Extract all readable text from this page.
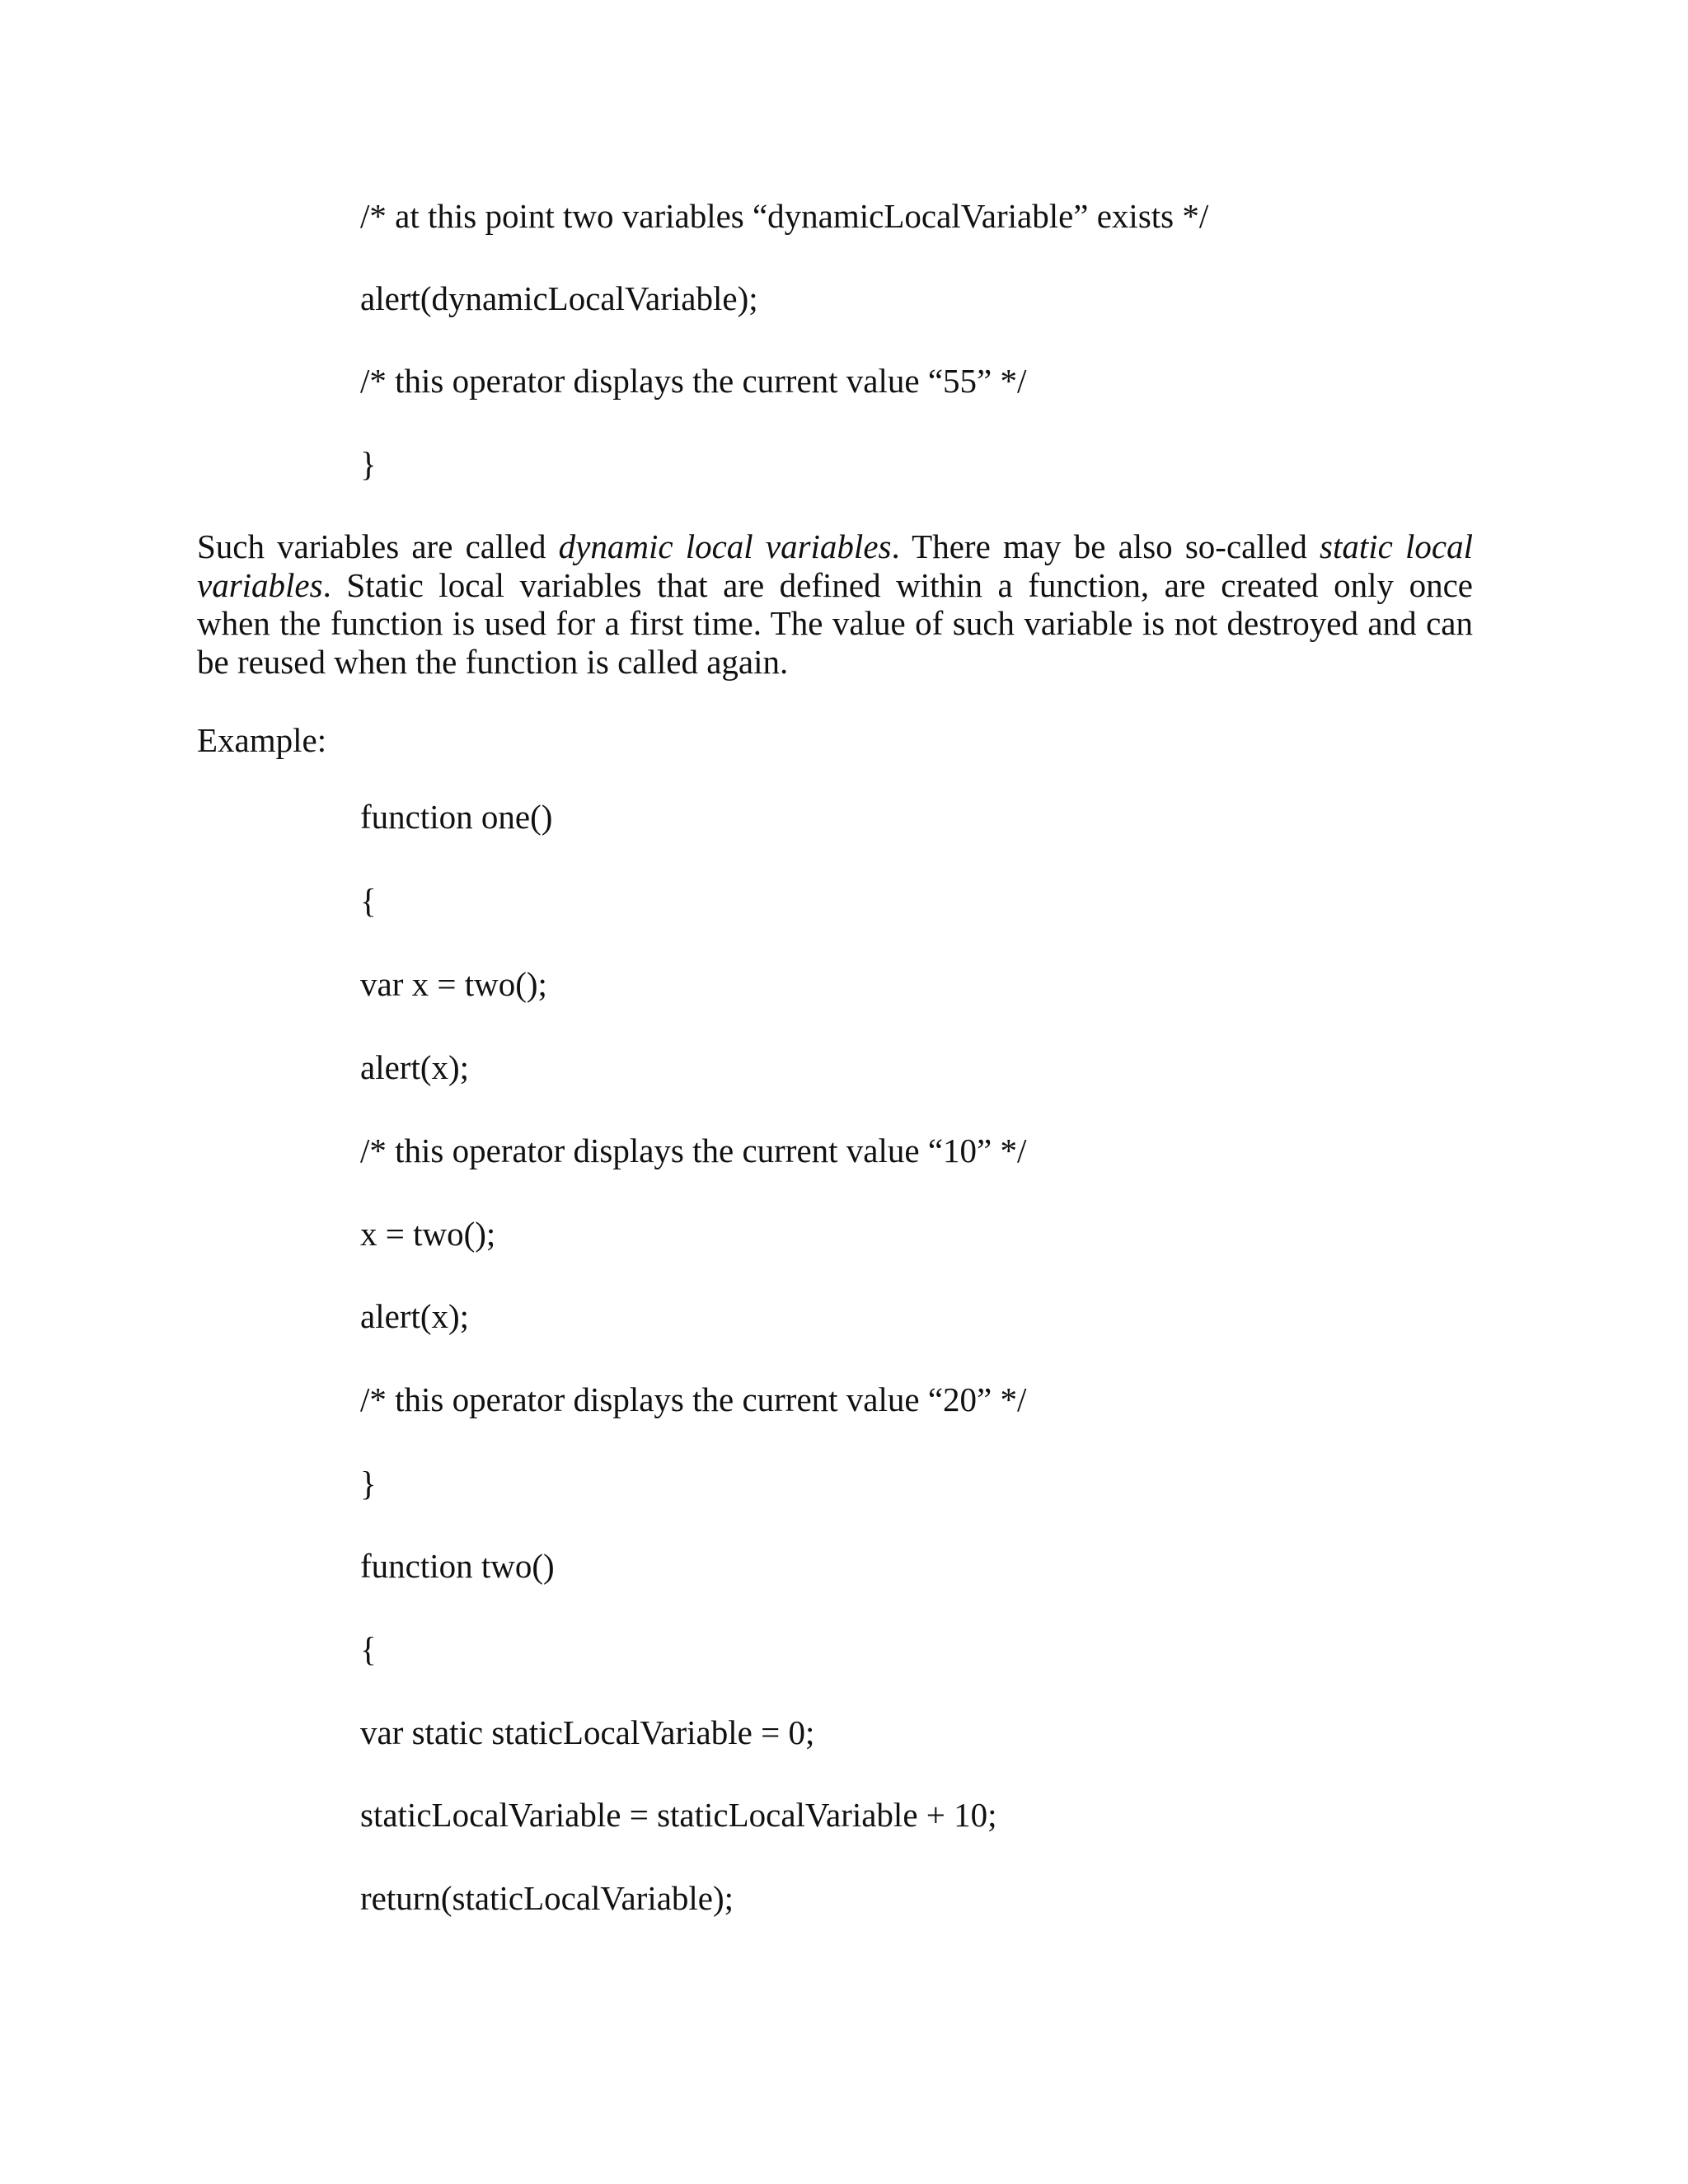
/* at this point two variables “dynamicLocalVariable” exists */

alert(dynamicLocalVariable);

/* this operator displays the current value “55” */

}

Such variables are called dynamic local variables. There may be also so-called static local
variables. Static local variables that are defined within a function, are created only once
when the function is used for a first time. The value of such variable is not destroyed and can
be reused when the function is called again.

Example:

function one()

{

var x = two();

alert(x);

/* this operator displays the current value “10” */

x = two();

alert(x);

/* this operator displays the current value “20” */

}

function two()

{

var static staticLocalVariable = 0;

staticLocalVariable = staticLocalVariable + 10;

return(staticLocalVariable);
